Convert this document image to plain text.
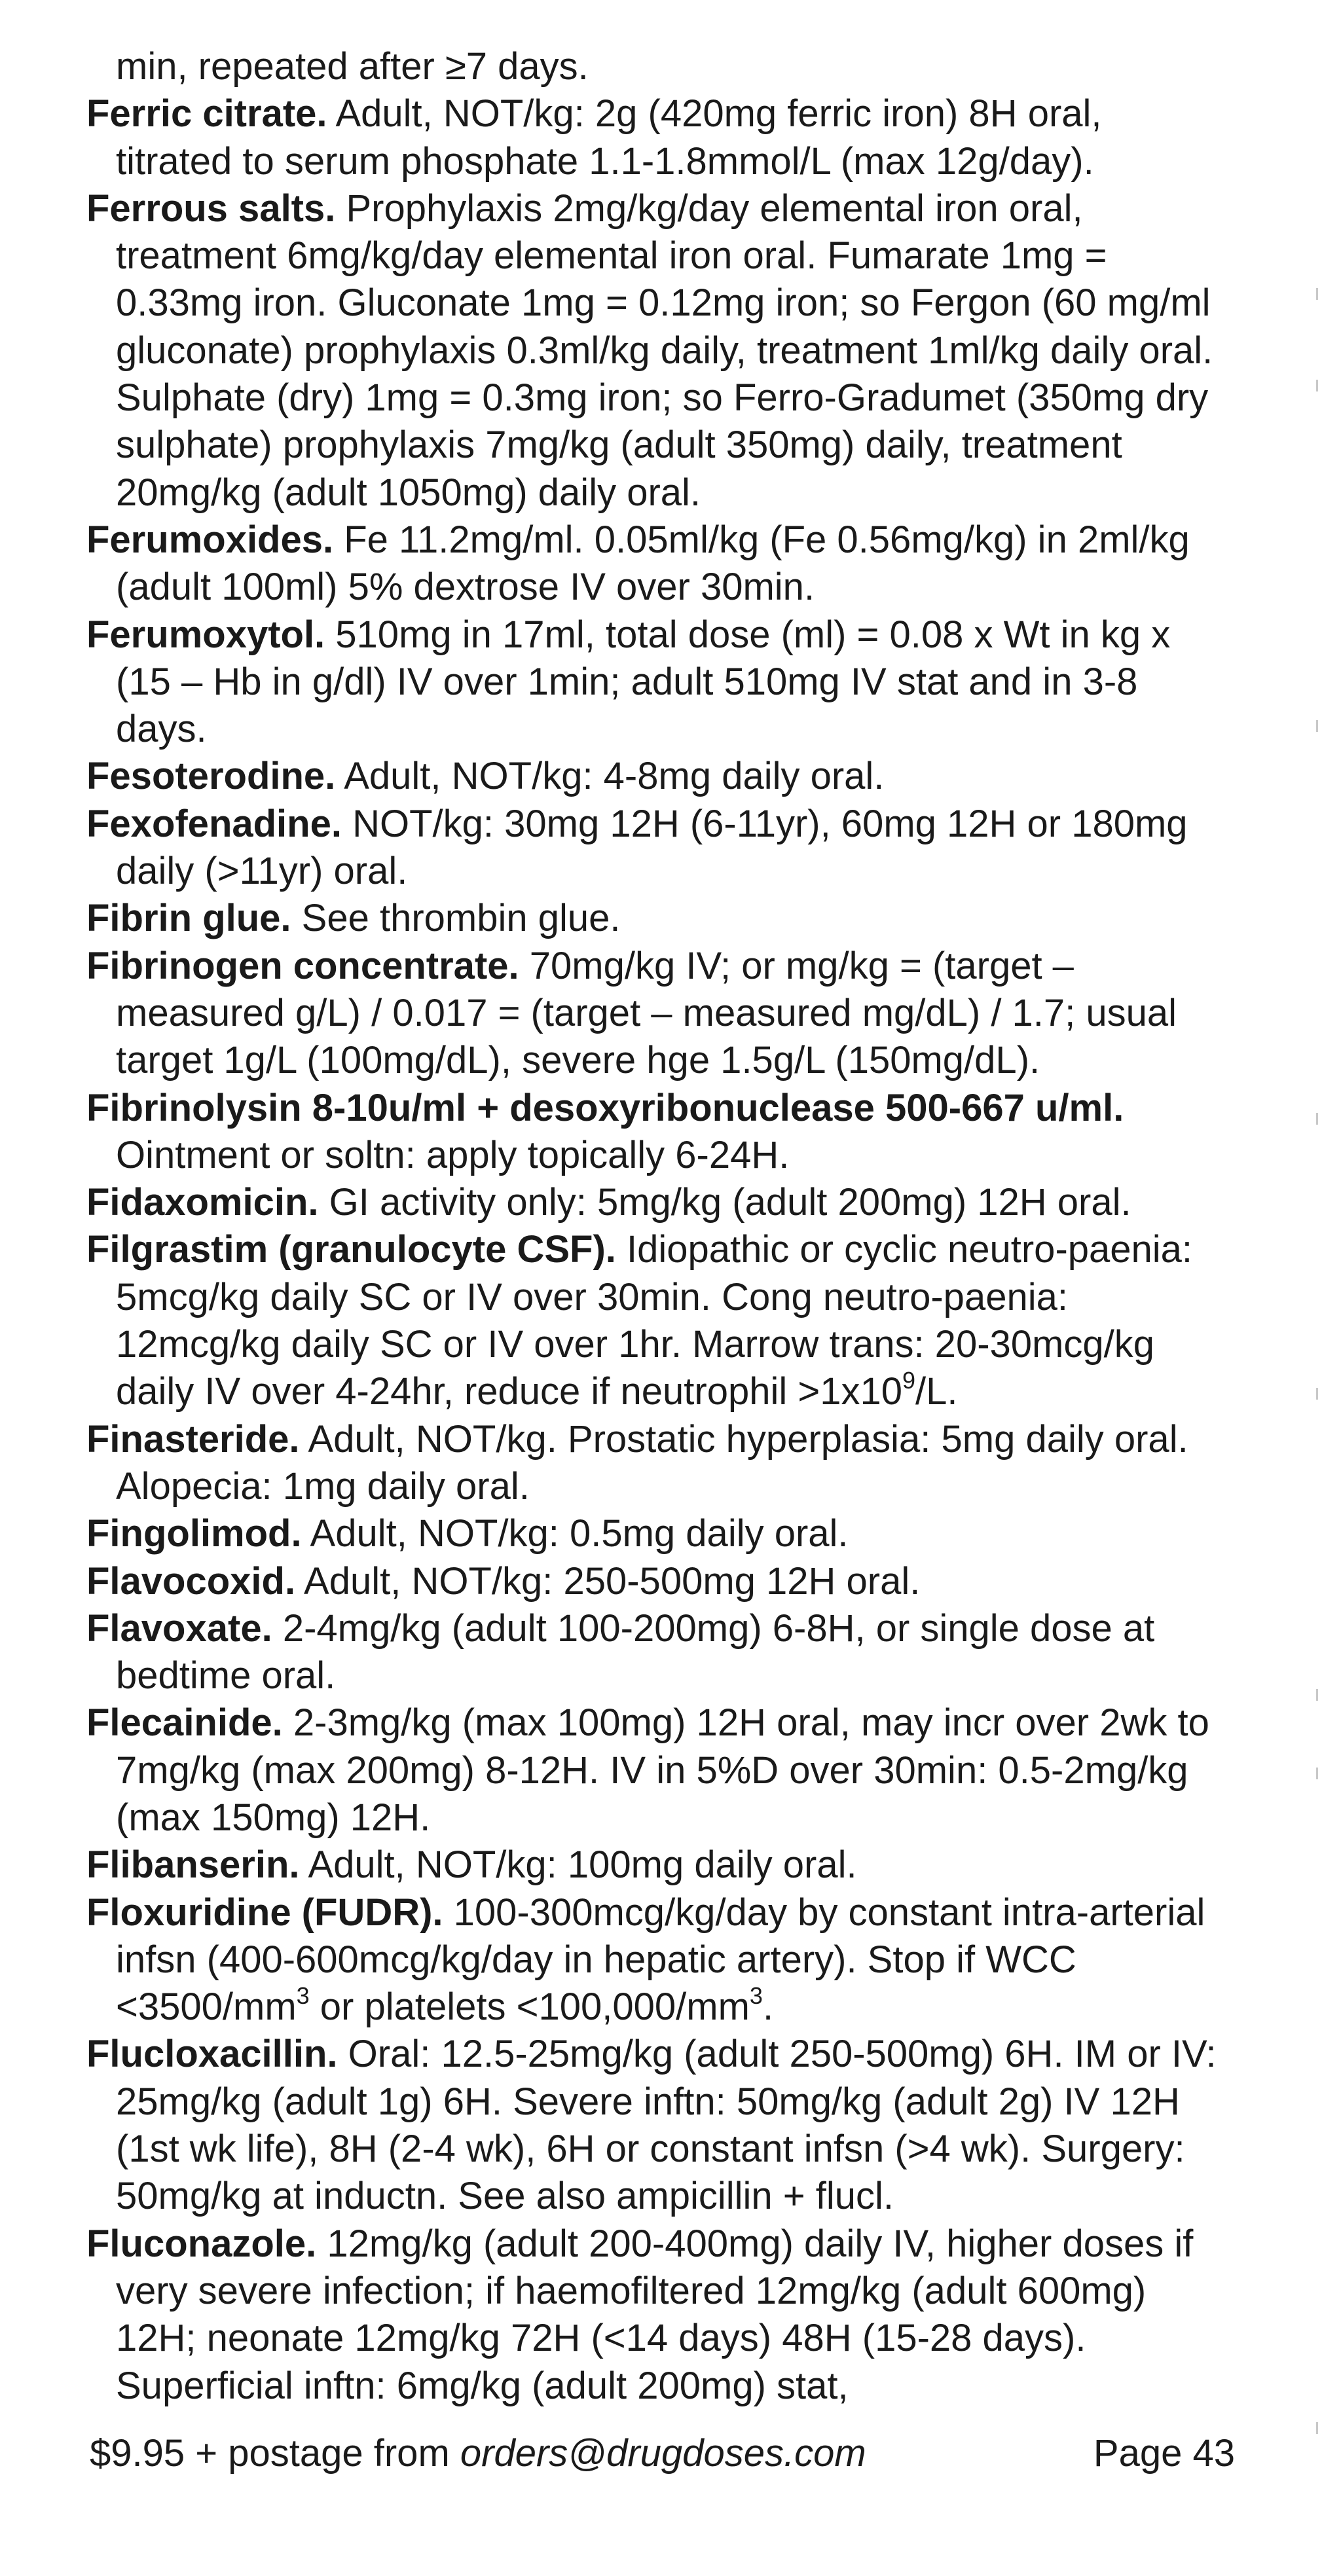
min, repeated after ≥7 days.

Ferric citrate. Adult, NOT/kg: 2g (420mg ferric iron) 8H oral, titrated to serum phosphate 1.1-1.8mmol/L (max 12g/day).

Ferrous salts. Prophylaxis 2mg/kg/day elemental iron oral, treatment 6mg/kg/day elemental iron oral. Fumarate 1mg = 0.33mg iron. Gluconate 1mg = 0.12mg iron; so Fergon (60 mg/ml gluconate) prophylaxis 0.3ml/kg daily, treatment 1ml/kg daily oral. Sulphate (dry) 1mg = 0.3mg iron; so Ferro-Gradumet (350mg dry sulphate) prophylaxis 7mg/kg (adult 350mg) daily, treatment 20mg/kg (adult 1050mg) daily oral.

Ferumoxides. Fe 11.2mg/ml. 0.05ml/kg (Fe 0.56mg/kg) in 2ml/kg (adult 100ml) 5% dextrose IV over 30min.

Ferumoxytol. 510mg in 17ml, total dose (ml) = 0.08 x Wt in kg x (15 – Hb in g/dl) IV over 1min; adult 510mg IV stat and in 3-8 days.

Fesoterodine. Adult, NOT/kg: 4-8mg daily oral.

Fexofenadine. NOT/kg: 30mg 12H (6-11yr), 60mg 12H or 180mg daily (>11yr) oral.

Fibrin glue. See thrombin glue.

Fibrinogen concentrate. 70mg/kg IV; or mg/kg = (target – measured g/L) / 0.017 = (target – measured mg/dL) / 1.7; usual target 1g/L (100mg/dL), severe hge 1.5g/L (150mg/dL).

Fibrinolysin 8-10u/ml + desoxyribonuclease 500-667 u/ml.

Ointment or soltn: apply topically 6-24H.

Fidaxomicin. GI activity only: 5mg/kg (adult 200mg) 12H oral.

Filgrastim (granulocyte CSF). Idiopathic or cyclic neutro-paenia: 5mcg/kg daily SC or IV over 30min. Cong neutro-paenia: 12mcg/kg daily SC or IV over 1hr. Marrow trans: 20-30mcg/kg daily IV over 4-24hr, reduce if neutrophil $>1x10^9/L$.

Finasteride. Adult, NOT/kg. Prostatic hyperplasia: 5mg daily oral. Alopecia: 1mg daily oral.

Fingolimod. Adult, NOT/kg: 0.5mg daily oral.

Flavocoxid. Adult, NOT/kg: 250-500mg 12H oral.

Flavoxate. 2-4mg/kg (adult 100-200mg) 6-8H, or single dose at bedtime oral.

Flecainide. 2-3mg/kg (max 100mg) 12H oral, may incr over 2wk to 7mg/kg (max 200mg) 8-12H. IV in 5%D over 30min: 0.5-2mg/kg (max 150mg) 12H.

Flibanserin. Adult, NOT/kg: 100mg daily oral.

Floxuridine (FUDR). 100-300mcg/kg/day by constant intra-arterial infsn (400-600mcg/kg/day in hepatic artery). Stop if WCC $<3500/mm^3$ or platelets $<100,000/mm^3$.

Flucloxacillin. Oral: 12.5-25mg/kg (adult 250-500mg) 6H. IM or IV: 25mg/kg (adult 1g) 6H. Severe inftn: 50mg/kg (adult 2g) IV 12H (1st wk life), 8H (2-4 wk), 6H or constant infsn (>4 wk). Surgery: 50mg/kg at inductn. See also ampicillin + flucl.

Fluconazole. 12mg/kg (adult 200-400mg) daily IV, higher doses if very severe infection; if haemofiltered 12mg/kg (adult 600mg) 12H; neonate 12mg/kg 72H (<14 days) 48H (15-28 days). Superficial inftn: 6mg/kg (adult 200mg) stat,

$9.95 + postage from orders@drugdoses.com	Page 43
